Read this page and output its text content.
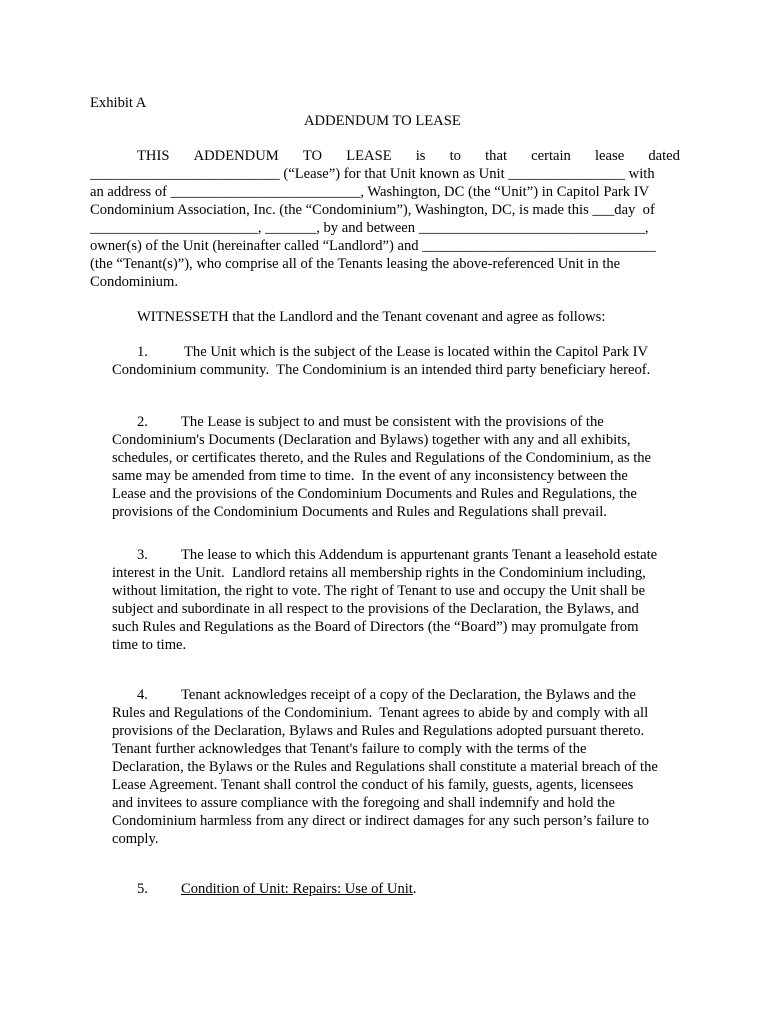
Exhibit A
ADDENDUM TO LEASE
THIS ADDENDUM TO LEASE is to that certain lease dated
__________________________ (“Lease”) for that Unit known as Unit ________________ with
an address of __________________________, Washington, DC (the “Unit”) in Capitol Park IV
Condominium Association, Inc. (the “Condominium”), Washington, DC, is made this ___day  of
_______________________, _______, by and between _______________________________,
owner(s) of the Unit (hereinafter called “Landlord”) and ________________________________
(the “Tenant(s)”), who comprise all of the Tenants leasing the above-referenced Unit in the
Condominium.
WITNESSETH that the Landlord and the Tenant covenant and agree as follows:
1. The Unit which is the subject of the Lease is located within the Capitol Park IV
Condominium community.  The Condominium is an intended third party beneficiary hereof.
2. The Lease is subject to and must be consistent with the provisions of the
Condominium's Documents (Declaration and Bylaws) together with any and all exhibits,
schedules, or certificates thereto, and the Rules and Regulations of the Condominium, as the
same may be amended from time to time.  In the event of any inconsistency between the
Lease and the provisions of the Condominium Documents and Rules and Regulations, the
provisions of the Condominium Documents and Rules and Regulations shall prevail.
3. The lease to which this Addendum is appurtenant grants Tenant a leasehold estate
interest in the Unit.  Landlord retains all membership rights in the Condominium including,
without limitation, the right to vote. The right of Tenant to use and occupy the Unit shall be
subject and subordinate in all respect to the provisions of the Declaration, the Bylaws, and
such Rules and Regulations as the Board of Directors (the “Board”) may promulgate from
time to time.
4. Tenant acknowledges receipt of a copy of the Declaration, the Bylaws and the
Rules and Regulations of the Condominium.  Tenant agrees to abide by and comply with all
provisions of the Declaration, Bylaws and Rules and Regulations adopted pursuant thereto.
Tenant further acknowledges that Tenant's failure to comply with the terms of the
Declaration, the Bylaws or the Rules and Regulations shall constitute a material breach of the
Lease Agreement. Tenant shall control the conduct of his family, guests, agents, licensees
and invitees to assure compliance with the foregoing and shall indemnify and hold the
Condominium harmless from any direct or indirect damages for any such person’s failure to
comply.
5. Condition of Unit: Repairs: Use of Unit.
